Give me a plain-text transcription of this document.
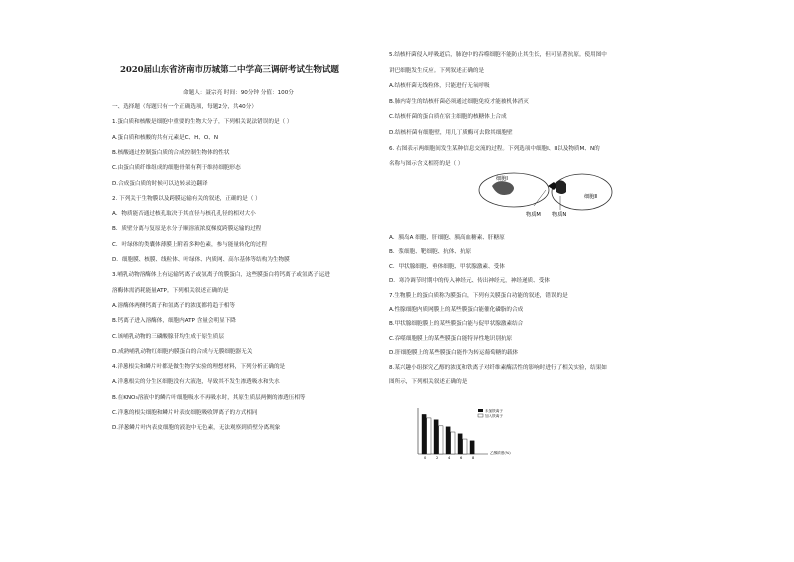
2020届山东省济南市历城第二中学高三调研考试生物试题
命题人：聂宗亮 时间：90分钟 分值：100分
一、选择题（每题只有一个正确选项，每题2分，共40分）
1.蛋白质和核酸是细胞中重要的生物大分子，下列相关说法错误的是（ ）
A.蛋白质和核酸的共有元素是C、H、O、N
B.核酸通过控制蛋白质的合成控制生物体的性状
C.由蛋白质纤维组成的细胞骨架有利于维持细胞形态
D.合成蛋白质的时候可以边转录边翻译
2. 下列关于生物膜以及跨膜运输有关的叙述，正确的是（ ）
A．物质能否通过核孔取决于其直径与核孔孔径的相对大小
B．质壁分离与复原是水分子顺溶液浓度梯度跨膜运输的过程
C．叶绿体的类囊体薄膜上附着多种色素，参与能量转化的过程
D．细胞膜、核膜、线粒体、叶绿体、内质网、高尔基体等结构为生物膜
3.哺乳动物溶酶体上有运输钙离子或氢离子的膜蛋白，这些膜蛋白将钙离子或氢离子运进
溶酶体需消耗能量ATP。下列相关叙述正确的是
A.溶酶体两侧钙离子和氢离子的浓度都将趋于相等
B.钙离子进入溶酶体，细胞内ATP 含量会明显下降
C.该哺乳动物的三磷酸腺苷均生成于原生质层
D.成熟哺乳动物红细胞内膜蛋白的合成与无膜细胞器无关
4.洋葱根尖和鳞片叶都是做生物学实验的理想材料，下列分析正确的是
A.洋葱根尖的分生区细胞没有大液泡，导致其不发生渗透吸水和失水
B.在KNO₃溶液中的鳞片叶细胞吸水不再吸水时，其原生质层两侧的渗透压相等
C.洋葱的根尖细胞和鳞片叶表皮细胞吸收钾离子的方式相同
D.洋葱鳞片叶内表皮细胞的液泡中无色素，无法观察到质壁分离现象
5.结核杆菌侵入呼吸道后，肺泡中的吞噬细胞不能防止其生长，但可显著抗原。使用图中
讲巴细胞发生反应。下列叙述正确的是
A.结核杆菌无线粒体，只能进行无氧呼吸
B.肺内寄生的结核杆菌必须通过细胞免疫才能被机体消灭
C.结核杆菌的蛋白质在宿主细胞的核糖体上合成
D.结核杆菌有细胞壁，用几丁质酶可去除其细胞壁
6. 右图表示两细胞间发生某种信息交流的过程。下列选项中细胞Ⅰ、Ⅱ以及物质M、N的
名称与图示含义相符的是（ ）
细胞Ⅰ
细胞Ⅱ
物质M 物质N
A．胰岛A 细胞、肝细胞、胰高血糖素、肝糖原
B．浆细胞、靶细胞、抗体、抗原
C．甲状腺细胞、垂体细胞、甲状腺激素、受体
D．寒冷调节时期中的传入神经元、传出神经元，神经递质、受体
7.生物膜上的蛋白质称为膜蛋白，下列有关膜蛋白功能的叙述，错误的是
A.性腺细胞内质网膜上的某些膜蛋白能催化磷脂的合成
B.甲状腺细胞膜上的某些膜蛋白能与促甲状腺激素结合
C.吞噬细胞膜上的某些膜蛋白能特异性地识别抗原
D.肝细胞膜上的某些膜蛋白能作为转运葡萄糖的载体
8.某兴趣小组探究乙醇的浓度和铁离子对纤维素酶活性的影响时进行了相关实验，结果如
图所示，下列相关叙述正确的是
0	2	4	6	8
未加铁离子
加入铁离子
乙醇浓度(%)
